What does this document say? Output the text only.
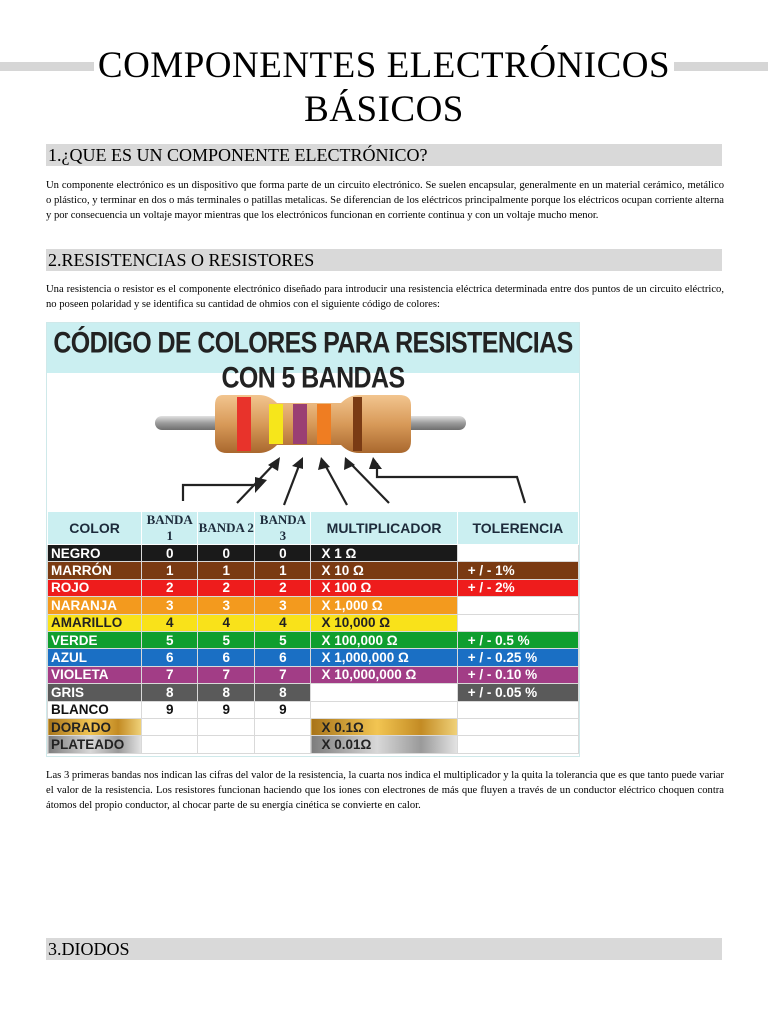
COMPONENTES ELECTRÓNICOS
BÁSICOS
1.¿QUE ES UN COMPONENTE ELECTRÓNICO?

Un componente electrónico es un dispositivo que forma parte de un circuito electrónico. Se suelen encapsular, generalmente en un material cerámico, metálico o plástico, y terminar en dos o más terminales o patillas metalicas. Se diferencian de los eléctricos principalmente porque los eléctricos ocupan corriente alterna y por consecuencia un voltaje mayor mientras que los electrónicos funcionan en corriente continua y con un voltaje mucho menor.

2.RESISTENCIAS O RESISTORES

Una resistencia o resistor es el componente electrónico diseñado para introducir una resistencia eléctrica determinada entre dos puntos de un circuito eléctrico, no poseen polaridad y se identifica su cantidad de ohmios con el siguiente código de colores:

CÓDIGO DE COLORES PARA RESISTENCIAS CON 5 BANDAS
COLOR	BANDA 1	BANDA 2	BANDA 3	MULTIPLICADOR	TOLERENCIA
NEGRO	0	0	0	X 1 Ω	
MARRÓN	1	1	1	X 10 Ω	+ / - 1%
ROJO	2	2	2	X 100 Ω	+ / - 2%
NARANJA	3	3	3	X 1,000 Ω	
AMARILLO	4	4	4	X 10,000 Ω	
VERDE	5	5	5	X 100,000 Ω	+ / - 0.5 %
AZUL	6	6	6	X 1,000,000 Ω	+ / - 0.25 %
VIOLETA	7	7	7	X 10,000,000 Ω	+ / - 0.10 %
GRIS	8	8	8		+ / - 0.05 %
BLANCO	9	9	9		
DORADO				X 0.1Ω	
PLATEADO				X 0.01Ω	

Las 3 primeras bandas nos indican las cifras del valor de la resistencia, la cuarta nos indica el multiplicador y la quita la tolerancia que es que tanto puede variar el valor de la resistencia. Los resistores funcionan haciendo que los iones con electrones de más que fluyen a través de un conductor eléctrico choquen contra átomos del propio conductor, al chocar parte de su energía cinética se convierte en calor.

3.DIODOS
